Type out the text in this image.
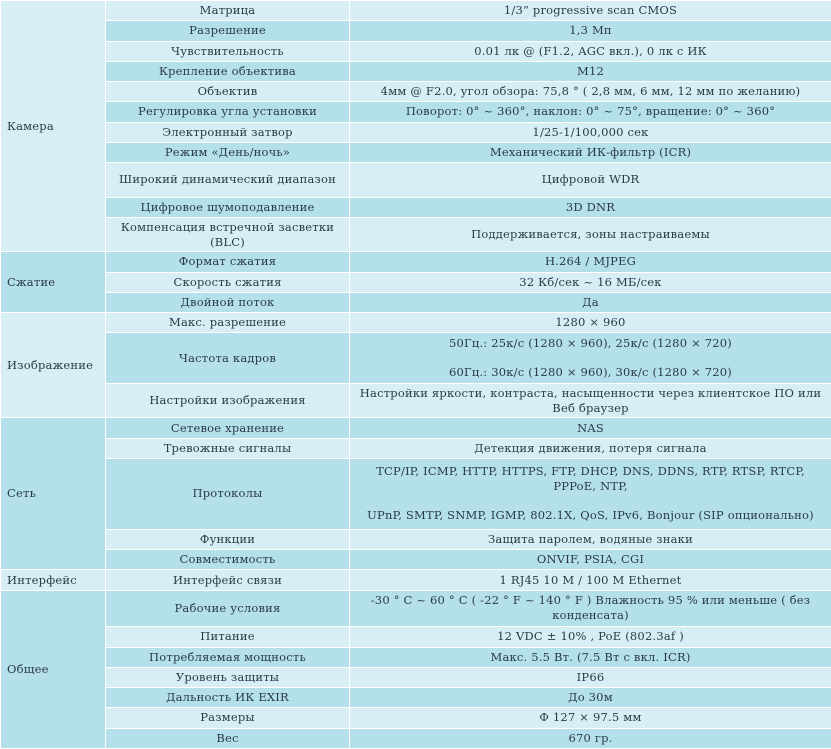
Камера	Матрица	1/3” progressive scan CMOS

	Разрешение	1,3 Мп

	Чувствительность	0.01 лк @ (F1.2, AGC вкл.), 0 лк с ИК

	Крепление объектива	M12

	Объектив	4мм @ F2.0, угол обзора: 75,8 ° ( 2,8 мм, 6 мм, 12 мм по желанию)

	Регулировка угла установки	Поворот: 0° ~ 360°, наклон: 0° ~ 75°, вращение: 0° ~ 360°

	Электронный затвор	1/25-1/100,000 сек

	Режим «День/ночь»	Механический ИК-фильтр (ICR)

	Широкий динамический диапазон	Цифровой WDR

	Цифровое шумоподавление	3D DNR

	Компенсация встречной засветки (BLC)	Поддерживается, зоны настраиваемы

Сжатие	Формат сжатия	H.264 / MJPEG

	Скорость сжатия	32 Кб/сек ~ 16 МБ/сек

	Двойной поток	Да

Изображение	Макс. разрешение	1280 × 960

	Частота кадров	50Гц.: 25к/с (1280 × 960), 25к/с (1280 × 720)
60Гц.: 30к/с (1280 × 960), 30к/с (1280 × 720)

	Настройки изображения	Настройки яркости, контраста, насыщенности через клиентское ПО или Веб браузер

Сеть	Сетевое хранение	NAS

	Тревожные сигналы	Детекция движения, потеря сигнала

	Протоколы	TCP/IP, ICMP, HTTP, HTTPS, FTP, DHCP, DNS, DDNS, RTP, RTSP, RTCP, PPPoE, NTP,
UPnP, SMTP, SNMP, IGMP, 802.1X, QoS, IPv6, Bonjour (SIP опционально)

	Функции	Защита паролем, водяные знаки

	Совместимость	ONVIF, PSIA, CGI

Интерфейс	Интерфейс связи	1 RJ45 10 M / 100 M Ethernet

Общее	Рабочие условия	-30 ° C ~ 60 ° C ( -22 ° F ~ 140 ° F ) Влажность 95 % или меньше ( без конденсата)

	Питание	12 VDC ± 10% , PoE (802.3af )

	Потребляемая мощность	Макс. 5.5 Вт. (7.5 Вт с вкл. ICR)

	Уровень защиты	IP66

	Дальность ИК EXIR	До 30м

	Размеры	Φ 127 × 97.5 мм

	Вес	670 гр.
